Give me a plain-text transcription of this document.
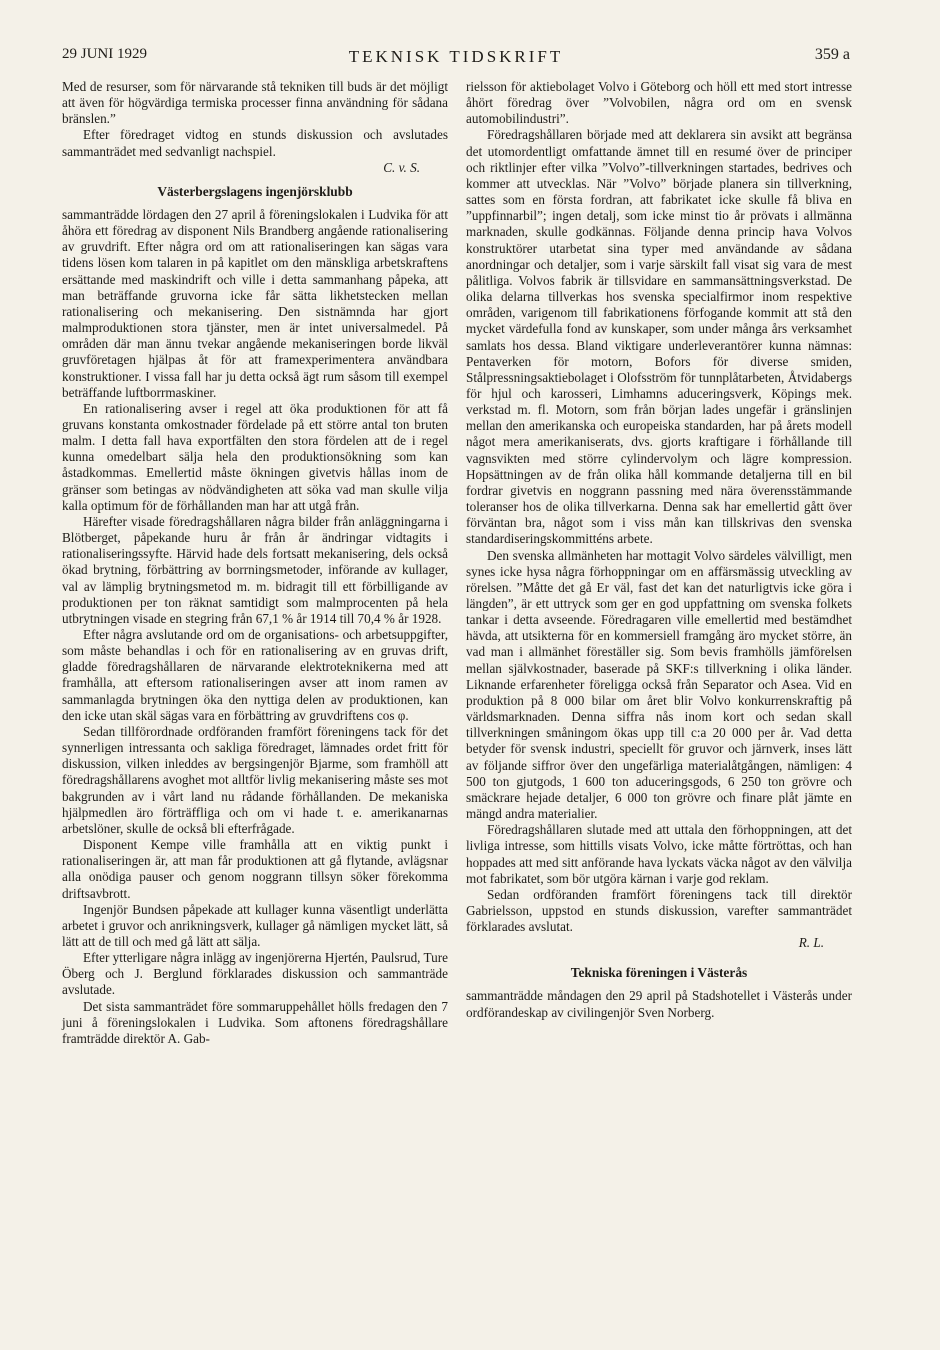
29 JUNI 1929	TEKNISK TIDSKRIFT	359 a

Med de resurser, som för närvarande stå tekniken till buds är det möjligt att även för högvärdiga termiska processer finna användning för sådana bränslen.”

Efter föredraget vidtog en stunds diskussion och avslutades sammanträdet med sedvanligt nachspiel.

C. v. S.

Västerbergslagens ingenjörsklubb

sammanträdde lördagen den 27 april å föreningslokalen i Ludvika för att åhöra ett föredrag av disponent Nils Brandberg angående rationalisering av gruvdrift. Efter några ord om att rationaliseringen kan sägas vara tidens lösen kom talaren in på kapitlet om den mänskliga arbetskraftens ersättande med maskindrift och ville i detta sammanhang påpeka, att man beträffande gruvorna icke får sätta likhetstecken mellan rationalisering och mekanisering. Den sistnämnda har gjort malmproduktionen stora tjänster, men är intet universalmedel. På områden där man ännu tvekar angående mekaniseringen borde likväl gruvföretagen hjälpas åt för att framexperimentera användbara konstruktioner. I vissa fall har ju detta också ägt rum såsom till exempel beträffande luftborrmaskiner.

En rationalisering avser i regel att öka produktionen för att få gruvans konstanta omkostnader fördelade på ett större antal ton bruten malm. I detta fall hava exportfälten den stora fördelen att de i regel kunna omedelbart sälja hela den produktionsökning som kan åstadkommas. Emellertid måste ökningen givetvis hållas inom de gränser som betingas av nödvändigheten att söka vad man skulle vilja kalla optimum för de förhållanden man har att utgå från.

Härefter visade föredragshållaren några bilder från anläggningarna i Blötberget, påpekande huru år från år ändringar vidtagits i rationaliseringssyfte. Härvid hade dels fortsatt mekanisering, dels också ökad brytning, förbättring av borrningsmetoder, införande av kullager, val av lämplig brytningsmetod m. m. bidragit till ett förbilligande av produktionen per ton räknat samtidigt som malmprocenten på hela utbrytningen visade en stegring från 67,1 % år 1914 till 70,4 % år 1928.

Efter några avslutande ord om de organisations- och arbetsuppgifter, som måste behandlas i och för en rationalisering av en gruvas drift, gladde föredragshållaren de närvarande elektroteknikerna med att framhålla, att eftersom rationaliseringen avser att inom ramen av sammanlagda brytningen öka den nyttiga delen av produktionen, kan den icke utan skäl sägas vara en förbättring av gruvdriftens cos φ.

Sedan tillförordnade ordföranden framfört föreningens tack för det synnerligen intressanta och sakliga föredraget, lämnades ordet fritt för diskussion, vilken inleddes av bergsingenjör Bjarme, som framhöll att föredragshållarens avoghet mot alltför livlig mekanisering måste ses mot bakgrunden av i vårt land nu rådande förhållanden. De mekaniska hjälpmedlen äro förträffliga och om vi hade t. e. amerikanarnas arbetslöner, skulle de också bli efterfrågade.

Disponent Kempe ville framhålla att en viktig punkt i rationaliseringen är, att man får produktionen att gå flytande, avlägsnar alla onödiga pauser och genom noggrann tillsyn söker förekomma driftsavbrott.

Ingenjör Bundsen påpekade att kullager kunna väsentligt underlätta arbetet i gruvor och anrikningsverk, kullager gå nämligen mycket lätt, så lätt att de till och med gå lätt att sälja.

Efter ytterligare några inlägg av ingenjörerna Hjertén, Paulsrud, Ture Öberg och J. Berglund förklarades diskussion och sammanträde avslutade.

Det sista sammanträdet före sommaruppehållet hölls fredagen den 7 juni å föreningslokalen i Ludvika. Som aftonens föredragshållare framträdde direktör A. Gab-

rielsson för aktiebolaget Volvo i Göteborg och höll ett med stort intresse åhört föredrag över ”Volvobilen, några ord om en svensk automobilindustri”.

Föredragshållaren började med att deklarera sin avsikt att begränsa det utomordentligt omfattande ämnet till en resumé över de principer och riktlinjer efter vilka ”Volvo”-tillverkningen startades, bedrives och kommer att utvecklas. När ”Volvo” började planera sin tillverkning, sattes som en första fordran, att fabrikatet icke skulle få bliva en ”uppfinnarbil”; ingen detalj, som icke minst tio år prövats i allmänna marknaden, skulle godkännas. Följande denna princip hava Volvos konstruktörer utarbetat sina typer med användande av sådana anordningar och detaljer, som i varje särskilt fall visat sig vara de mest pålitliga. Volvos fabrik är tillsvidare en sammansättningsverkstad. De olika delarna tillverkas hos svenska specialfirmor inom respektive områden, varigenom till fabrikationens förfogande kommit att stå den mycket värdefulla fond av kunskaper, som under många års verksamhet samlats hos dessa. Bland viktigare underleverantörer kunna nämnas: Pentaverken för motorn, Bofors för diverse smiden, Stålpressningsaktiebolaget i Olofsström för tunnplåtarbeten, Åtvidabergs för hjul och karosseri, Limhamns aduceringsverk, Köpings mek. verkstad m. fl. Motorn, som från början lades ungefär i gränslinjen mellan den amerikanska och europeiska standarden, har på årets modell något mera amerikaniserats, dvs. gjorts kraftigare i förhållande till vagnsvikten med större cylindervolym och lägre kompression. Hopsättningen av de från olika håll kommande detaljerna till en bil fordrar givetvis en noggrann passning med nära överensstämmande toleranser hos de olika tillverkarna. Denna sak har emellertid gått över förväntan bra, något som i viss mån kan tillskrivas den svenska standardiseringskommitténs arbete.

Den svenska allmänheten har mottagit Volvo särdeles välvilligt, men synes icke hysa några förhoppningar om en affärsmässig utveckling av rörelsen. ”Måtte det gå Er väl, fast det kan det naturligtvis icke göra i längden”, är ett uttryck som ger en god uppfattning om svenska folkets tankar i detta avseende. Föredragaren ville emellertid med bestämdhet hävda, att utsikterna för en kommersiell framgång äro mycket större, än vad man i allmänhet föreställer sig. Som bevis framhölls jämförelsen mellan självkostnader, baserade på SKF:s tillverkning i olika länder. Liknande erfarenheter föreligga också från Separator och Asea. Vid en produktion på 8 000 bilar om året blir Volvo konkurrenskraftig på världsmarknaden. Denna siffra nås inom kort och sedan skall tillverkningen småningom ökas upp till c:a 20 000 per år. Vad detta betyder för svensk industri, speciellt för gruvor och järnverk, inses lätt av följande siffror över den ungefärliga materialåtgången, nämligen: 4 500 ton gjutgods, 1 600 ton aduceringsgods, 6 250 ton grövre och smäckrare hejade detaljer, 6 000 ton grövre och finare plåt jämte en mängd andra materialier.

Föredragshållaren slutade med att uttala den förhoppningen, att det livliga intresse, som hittills visats Volvo, icke måtte förtröttas, och han hoppades att med sitt anförande hava lyckats väcka något av den välvilja mot fabrikatet, som bör utgöra kärnan i varje god reklam.

Sedan ordföranden framfört föreningens tack till direktör Gabrielsson, uppstod en stunds diskussion, varefter sammanträdet förklarades avslutat.

R. L.

Tekniska föreningen i Västerås

sammanträdde måndagen den 29 april på Stadshotellet i Västerås under ordförandeskap av civilingenjör Sven Norberg.
